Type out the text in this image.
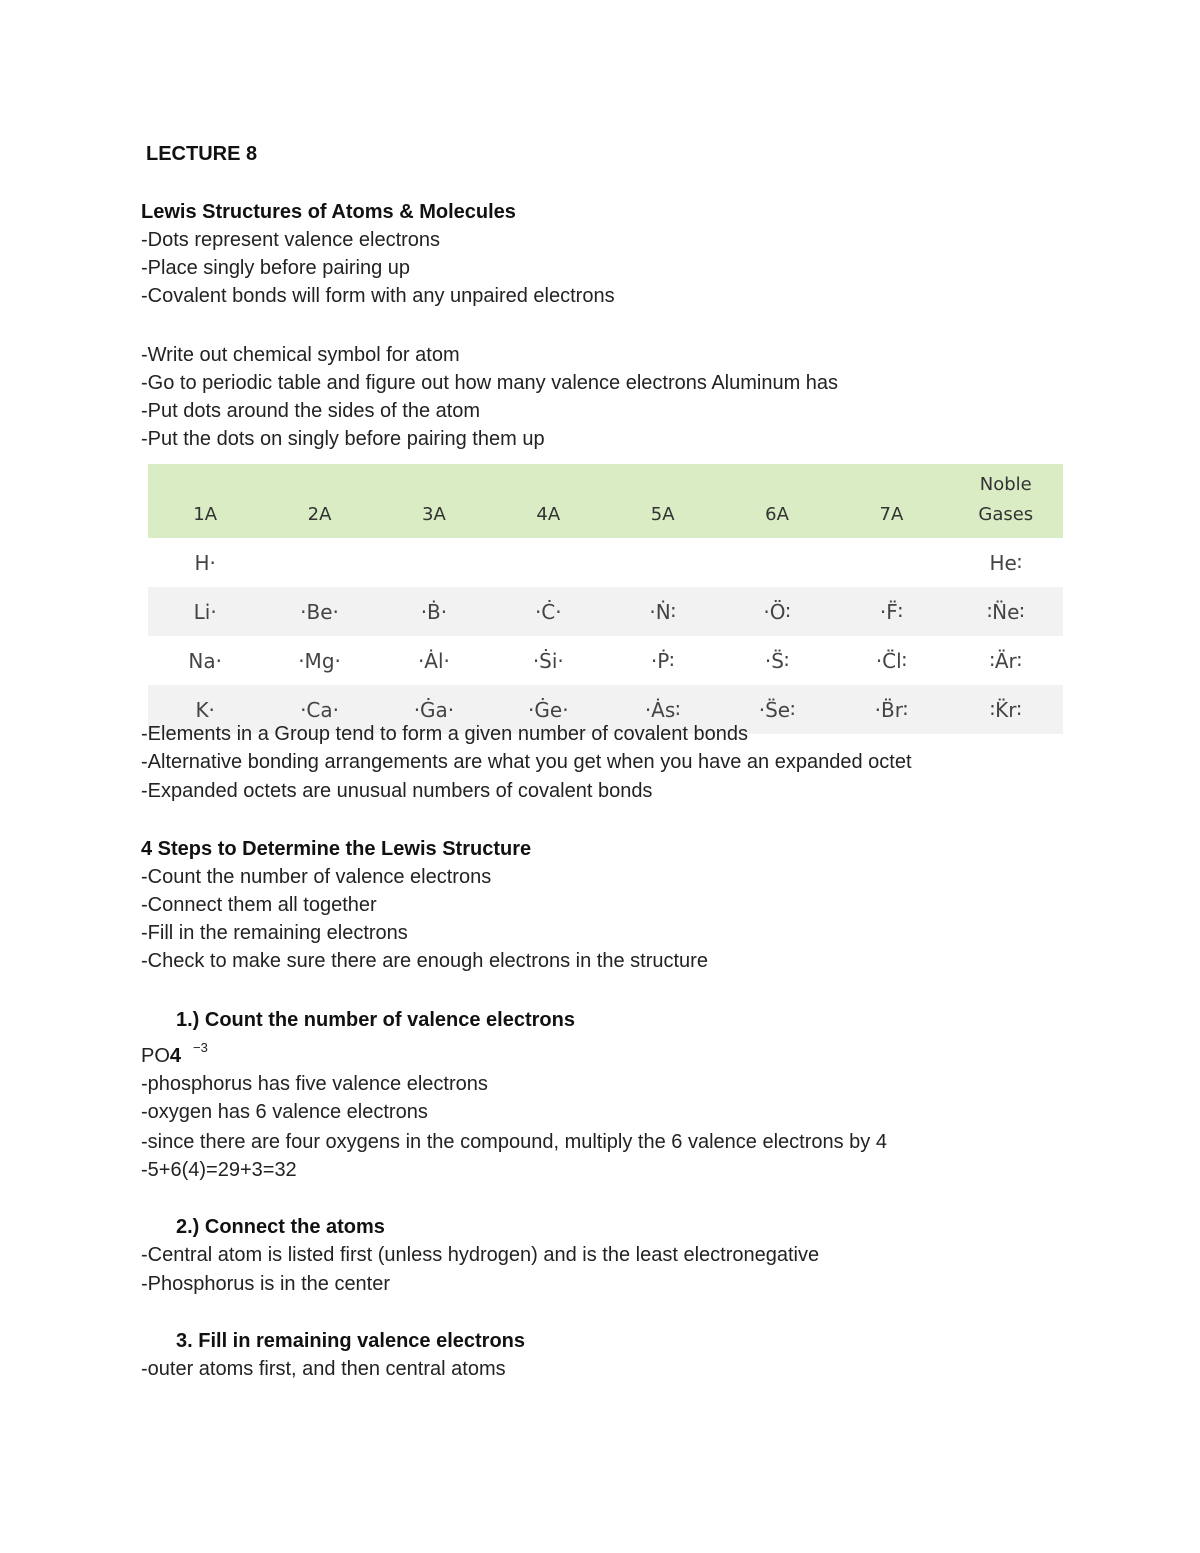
LECTURE 8
Lewis Structures of Atoms & Molecules
-Dots represent valence electrons
-Place singly before pairing up
-Covalent bonds will form with any unpaired electrons
-Write out chemical symbol for atom
-Go to periodic table and figure out how many valence electrons Aluminum has
-Put dots around the sides of the atom
-Put the dots on singly before pairing them up
1A	2A	3A	4A	5A	6A	7A	Noble
Gases
H·							He∶
Li·	·Be·	·Ḃ·	·Ċ·	·Ṅ∶	·Ö∶	·F̈∶	∶N̈e∶
Na·	·Mg·	·Ȧl·	·Ṡi·	·Ṗ∶	·S̈∶	·C̈l∶	∶Är∶
K·	·Ca·	·Ġa·	·Ġe·	·Ȧs∶	·S̈e∶	·B̈r∶	∶K̈r∶
-Elements in a Group tend to form a given number of covalent bonds
-Alternative bonding arrangements are what you get when you have an expanded octet
-Expanded octets are unusual numbers of covalent bonds
4 Steps to Determine the Lewis Structure
-Count the number of valence electrons
-Connect them all together
-Fill in the remaining electrons
-Check to make sure there are enough electrons in the structure
1.) Count the number of valence electrons
PO4 $^{-3}$
-phosphorus has five valence electrons
-oxygen has 6 valence electrons
-since there are four oxygens in the compound, multiply the 6 valence electrons by 4
-5+6(4)=29+3=32
2.) Connect the atoms
-Central atom is listed first (unless hydrogen) and is the least electronegative
-Phosphorus is in the center
3. Fill in remaining valence electrons
-outer atoms first, and then central atoms
